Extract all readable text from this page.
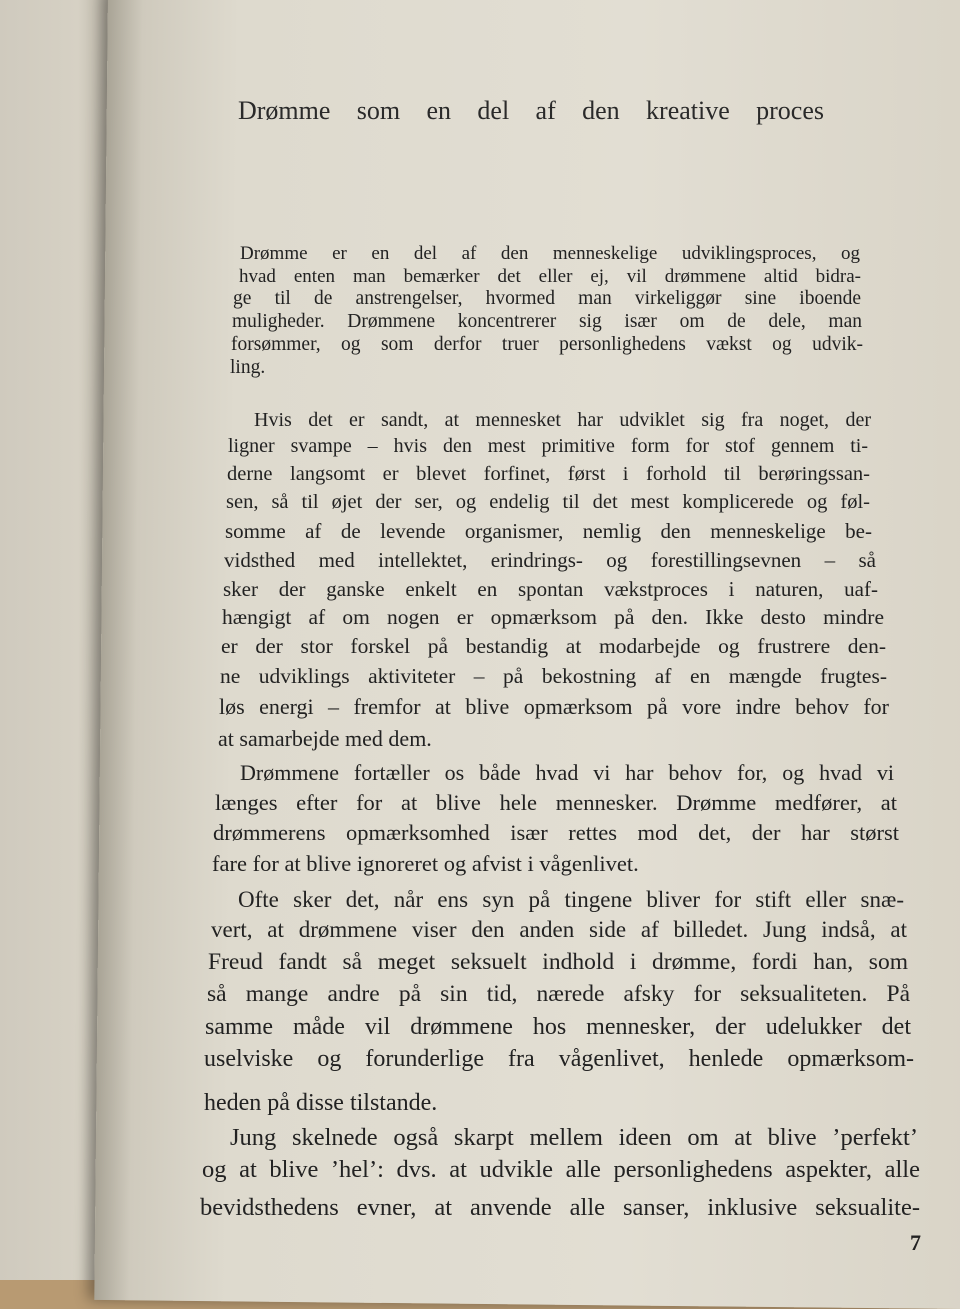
Drømme som en del af den kreative proces
Drømme er en del af den menneskelige udviklingsproces, og
hvad enten man bemærker det eller ej, vil drømmene altid bidra-
ge til de anstrengelser, hvormed man virkeliggør sine iboende
muligheder. Drømmene koncentrerer sig især om de dele, man
forsømmer, og som derfor truer personlighedens vækst og udvik-
ling.
Hvis det er sandt, at mennesket har udviklet sig fra noget, der
ligner svampe – hvis den mest primitive form for stof gennem ti-
derne langsomt er blevet forfinet, først i forhold til berøringssan-
sen, så til øjet der ser, og endelig til det mest komplicerede og føl-
somme af de levende organismer, nemlig den menneskelige be-
vidsthed med intellektet, erindrings- og forestillingsevnen – så
sker der ganske enkelt en spontan vækstproces i naturen, uaf-
hængigt af om nogen er opmærksom på den. Ikke desto mindre
er der stor forskel på bestandig at modarbejde og frustrere den-
ne udviklings aktiviteter – på bekostning af en mængde frugtes-
løs energi – fremfor at blive opmærksom på vore indre behov for
at samarbejde med dem.
Drømmene fortæller os både hvad vi har behov for, og hvad vi
længes efter for at blive hele mennesker. Drømme medfører, at
drømmerens opmærksomhed især rettes mod det, der har størst
fare for at blive ignoreret og afvist i vågenlivet.
Ofte sker det, når ens syn på tingene bliver for stift eller snæ-
vert, at drømmene viser den anden side af billedet. Jung indså, at
Freud fandt så meget seksuelt indhold i drømme, fordi han, som
så mange andre på sin tid, nærede afsky for seksualiteten. På
samme måde vil drømmene hos mennesker, der udelukker det
uselviske og forunderlige fra vågenlivet, henlede opmærksom-
heden på disse tilstande.
Jung skelnede også skarpt mellem ideen om at blive ’perfekt’
og at blive ’hel’: dvs. at udvikle alle personlighedens aspekter, alle
bevidsthedens evner, at anvende alle sanser, inklusive seksualite-
7
